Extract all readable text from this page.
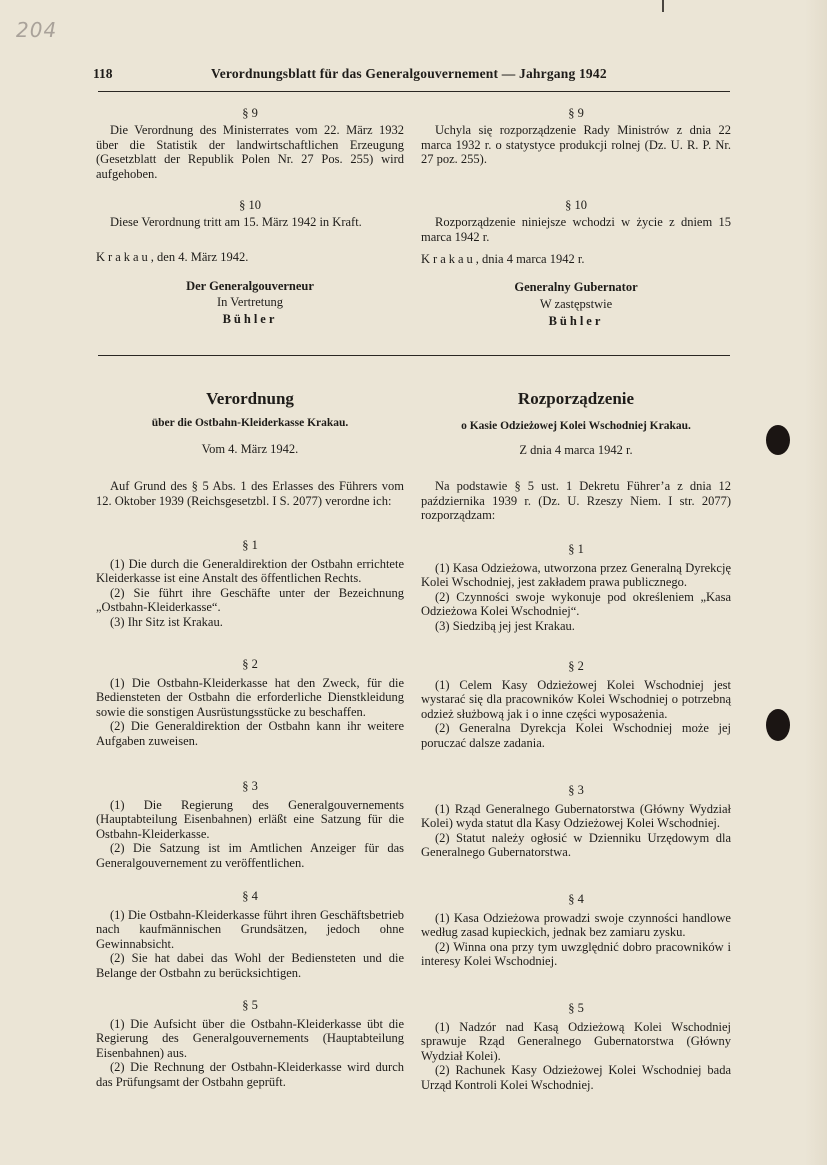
204
118	Verordnungsblatt für das Generalgouvernement — Jahrgang 1942

§ 9

Die Verordnung des Ministerrates vom 22. März 1932 über die Statistik der landwirtschaftlichen Erzeugung (Gesetzblatt der Republik Polen Nr. 27 Pos. 255) wird aufgehoben.

§ 10

Diese Verordnung tritt am 15. März 1942 in Kraft.

Krakau, den 4. März 1942.

Der Generalgouverneur

In Vertretung

Bühler

§ 9

Uchyla się rozporządzenie Rady Ministrów z dnia 22 marca 1932 r. o statystyce produkcji rolnej (Dz. U. R. P. Nr. 27 poz. 255).

§ 10

Rozporządzenie niniejsze wchodzi w życie z dniem 15 marca 1942 r.

Krakau, dnia 4 marca 1942 r.

Generalny Gubernator

W zastępstwie

Bühler

Verordnung

über die Ostbahn-Kleiderkasse Krakau.

Vom 4. März 1942.

Auf Grund des § 5 Abs. 1 des Erlasses des Führers vom 12. Oktober 1939 (Reichsgesetzbl. I S. 2077) verordne ich:

§ 1

(1) Die durch die Generaldirektion der Ostbahn errichtete Kleiderkasse ist eine Anstalt des öffentlichen Rechts.

(2) Sie führt ihre Geschäfte unter der Bezeichnung „Ostbahn-Kleiderkasse“.

(3) Ihr Sitz ist Krakau.

§ 2

(1) Die Ostbahn-Kleiderkasse hat den Zweck, für die Bediensteten der Ostbahn die erforderliche Dienstkleidung sowie die sonstigen Ausrüstungsstücke zu beschaffen.

(2) Die Generaldirektion der Ostbahn kann ihr weitere Aufgaben zuweisen.

§ 3

(1) Die Regierung des Generalgouvernements (Hauptabteilung Eisenbahnen) erläßt eine Satzung für die Ostbahn-Kleiderkasse.

(2) Die Satzung ist im Amtlichen Anzeiger für das Generalgouvernement zu veröffentlichen.

§ 4

(1) Die Ostbahn-Kleiderkasse führt ihren Geschäftsbetrieb nach kaufmännischen Grundsätzen, jedoch ohne Gewinnabsicht.

(2) Sie hat dabei das Wohl der Bediensteten und die Belange der Ostbahn zu berücksichtigen.

§ 5

(1) Die Aufsicht über die Ostbahn-Kleiderkasse übt die Regierung des Generalgouvernements (Hauptabteilung Eisenbahnen) aus.

(2) Die Rechnung der Ostbahn-Kleiderkasse wird durch das Prüfungsamt der Ostbahn geprüft.

Rozporządzenie

o Kasie Odzieżowej Kolei Wschodniej Krakau.

Z dnia 4 marca 1942 r.

Na podstawie § 5 ust. 1 Dekretu Führer’a z dnia 12 października 1939 r. (Dz. U. Rzeszy Niem. I str. 2077) rozporządzam:

§ 1

(1) Kasa Odzieżowa, utworzona przez Generalną Dyrekcję Kolei Wschodniej, jest zakładem prawa publicznego.

(2) Czynności swoje wykonuje pod określeniem „Kasa Odzieżowa Kolei Wschodniej“.

(3) Siedzibą jej jest Krakau.

§ 2

(1) Celem Kasy Odzieżowej Kolei Wschodniej jest wystarać się dla pracowników Kolei Wschodniej o potrzebną odzież służbową jak i o inne części wyposażenia.

(2) Generalna Dyrekcja Kolei Wschodniej może jej poruczać dalsze zadania.

§ 3

(1) Rząd Generalnego Gubernatorstwa (Główny Wydział Kolei) wyda statut dla Kasy Odzieżowej Kolei Wschodniej.

(2) Statut należy ogłosić w Dzienniku Urzędowym dla Generalnego Gubernatorstwa.

§ 4

(1) Kasa Odzieżowa prowadzi swoje czynności handlowe według zasad kupieckich, jednak bez zamiaru zysku.

(2) Winna ona przy tym uwzględnić dobro pracowników i interesy Kolei Wschodniej.

§ 5

(1) Nadzór nad Kasą Odzieżową Kolei Wschodniej sprawuje Rząd Generalnego Gubernatorstwa (Główny Wydział Kolei).

(2) Rachunek Kasy Odzieżowej Kolei Wschodniej bada Urząd Kontroli Kolei Wschodniej.
